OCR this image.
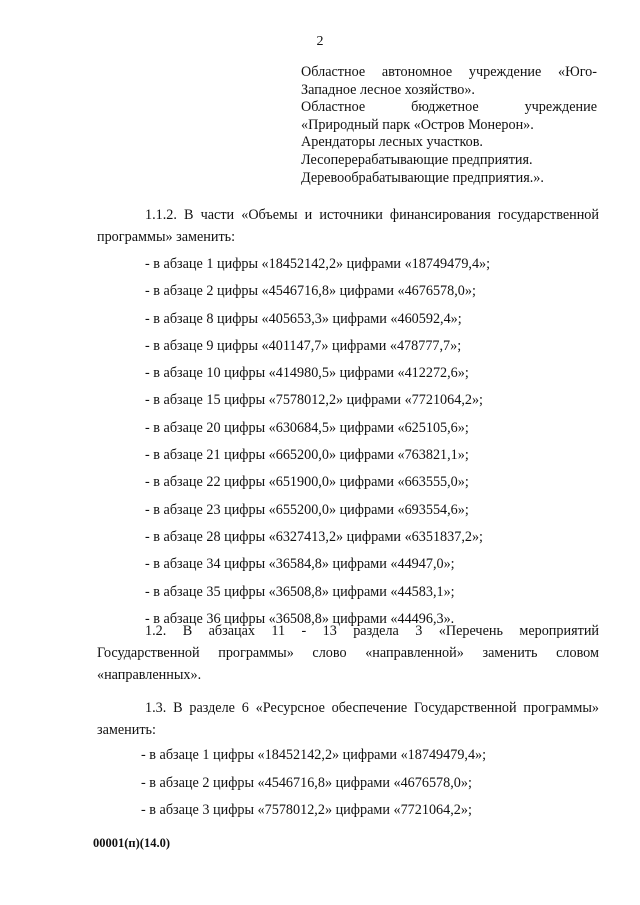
2
Областное автономное учреждение «Юго-
Западное лесное хозяйство».
Областное бюджетное учреждение
«Природный парк «Остров Монерон».
Арендаторы лесных участков.
Лесоперерабатывающие предприятия.
Деревообрабатывающие предприятия.».
1.1.2. В части «Объемы и источники финансирования государственной
программы» заменить:
- в абзаце 1 цифры «18452142,2» цифрами «18749479,4»;
- в абзаце 2 цифры «4546716,8» цифрами «4676578,0»;
- в абзаце 8 цифры «405653,3» цифрами «460592,4»;
- в абзаце 9 цифры «401147,7» цифрами «478777,7»;
- в абзаце 10 цифры «414980,5» цифрами «412272,6»;
- в абзаце 15 цифры «7578012,2» цифрами «7721064,2»;
- в абзаце 20 цифры «630684,5» цифрами «625105,6»;
- в абзаце 21 цифры «665200,0» цифрами «763821,1»;
- в абзаце 22 цифры «651900,0» цифрами «663555,0»;
- в абзаце 23 цифры «655200,0» цифрами «693554,6»;
- в абзаце 28 цифры «6327413,2» цифрами «6351837,2»;
- в абзаце 34 цифры «36584,8» цифрами «44947,0»;
- в абзаце 35 цифры «36508,8» цифрами «44583,1»;
- в абзаце 36 цифры «36508,8» цифрами «44496,3».
1.2. В абзацах 11 - 13 раздела 3 «Перечень мероприятий
Государственной программы» слово «направленной» заменить словом
«направленных».
1.3. В разделе 6 «Ресурсное обеспечение Государственной программы»
заменить:
- в абзаце 1 цифры «18452142,2» цифрами «18749479,4»;
- в абзаце 2 цифры «4546716,8» цифрами «4676578,0»;
- в абзаце 3 цифры «7578012,2» цифрами «7721064,2»;
00001(п)(14.0)
